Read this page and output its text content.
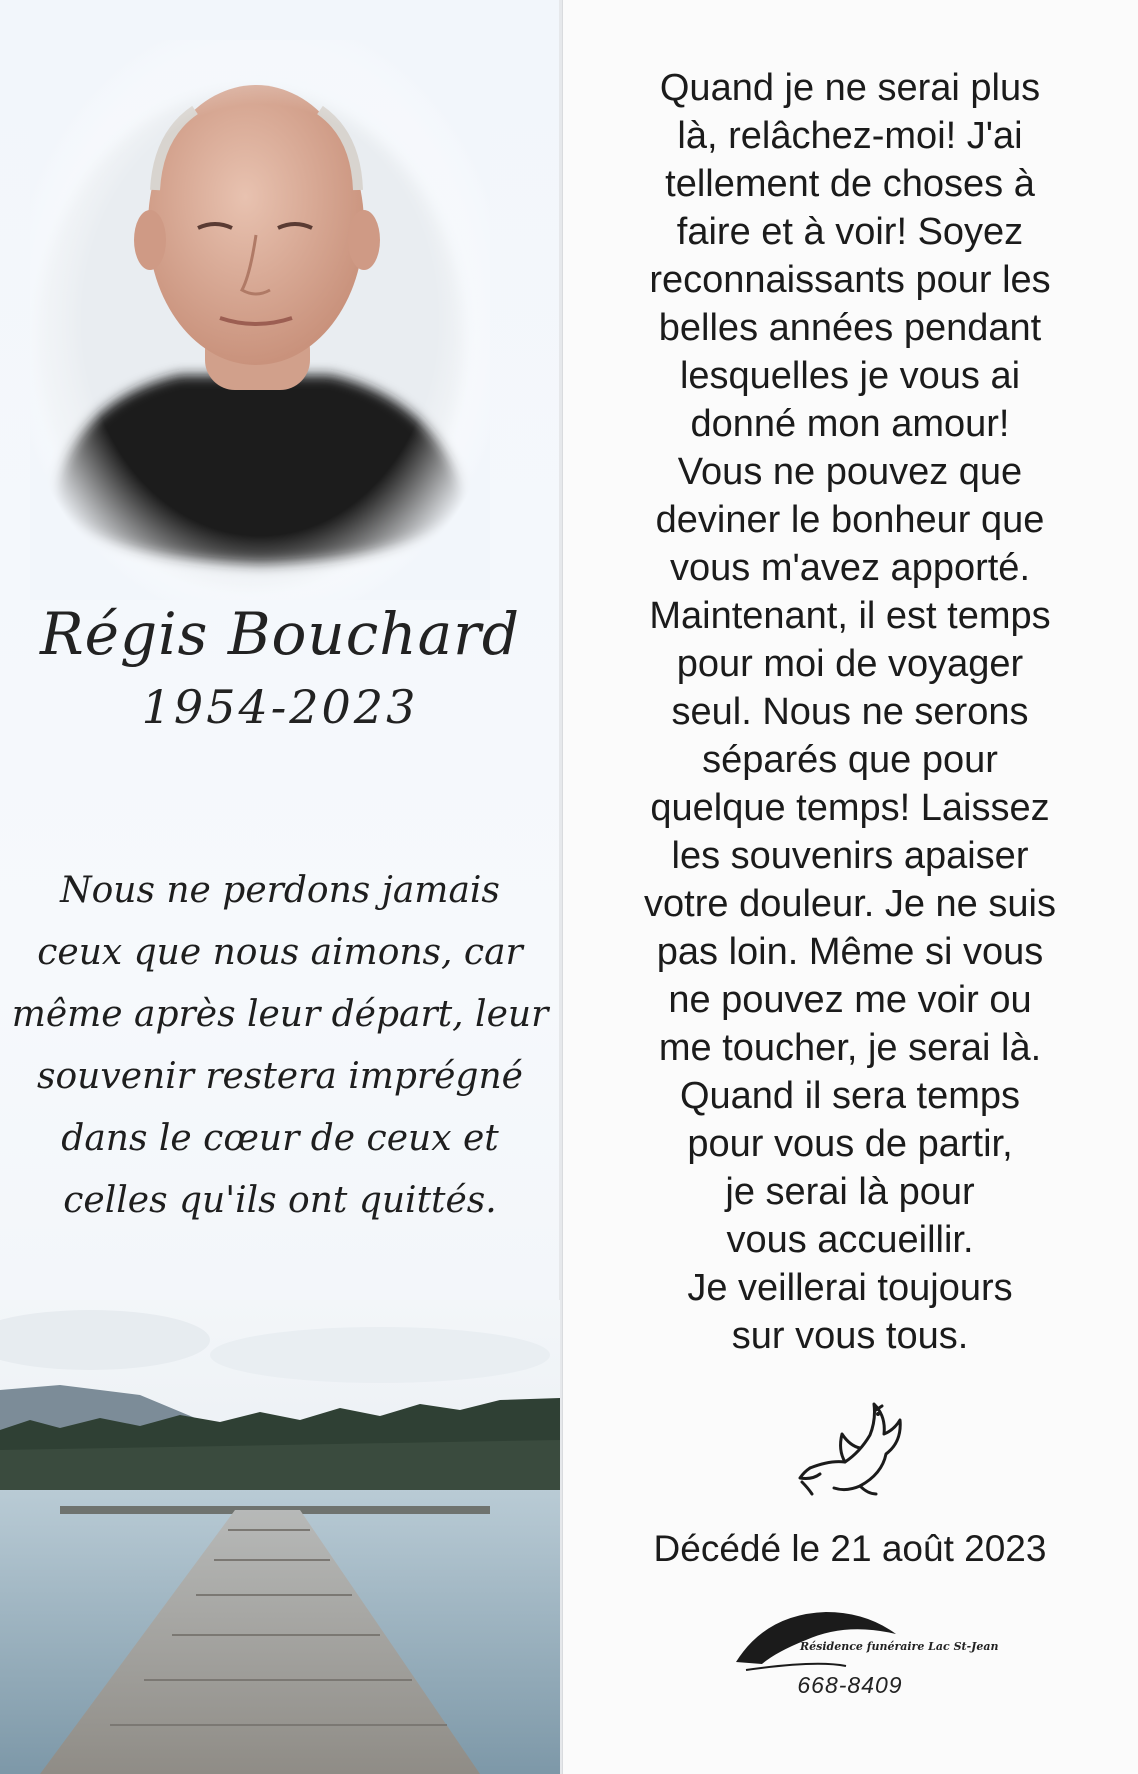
Régis Bouchard
1954-2023
Nous ne perdons jamais
ceux que nous aimons, car
même après leur départ, leur
souvenir restera imprégné
dans le cœur de ceux et
celles qu'ils ont quittés.
Quand je ne serai plus
là, relâchez-moi! J'ai
tellement de choses à
faire et à voir! Soyez
reconnaissants pour les
belles années pendant
lesquelles je vous ai
donné mon amour!
Vous ne pouvez que
deviner le bonheur que
vous m'avez apporté.
Maintenant, il est temps
pour moi de voyager
seul. Nous ne serons
séparés que pour
quelque temps! Laissez
les souvenirs apaiser
votre douleur. Je ne suis
pas loin. Même si vous
ne pouvez me voir ou
me toucher, je serai là.
Quand il sera temps
pour vous de partir,
je serai là pour
vous accueillir.
Je veillerai toujours
sur vous tous.
Décédé le 21 août 2023
Résidence funéraire Lac St-Jean
668-8409
